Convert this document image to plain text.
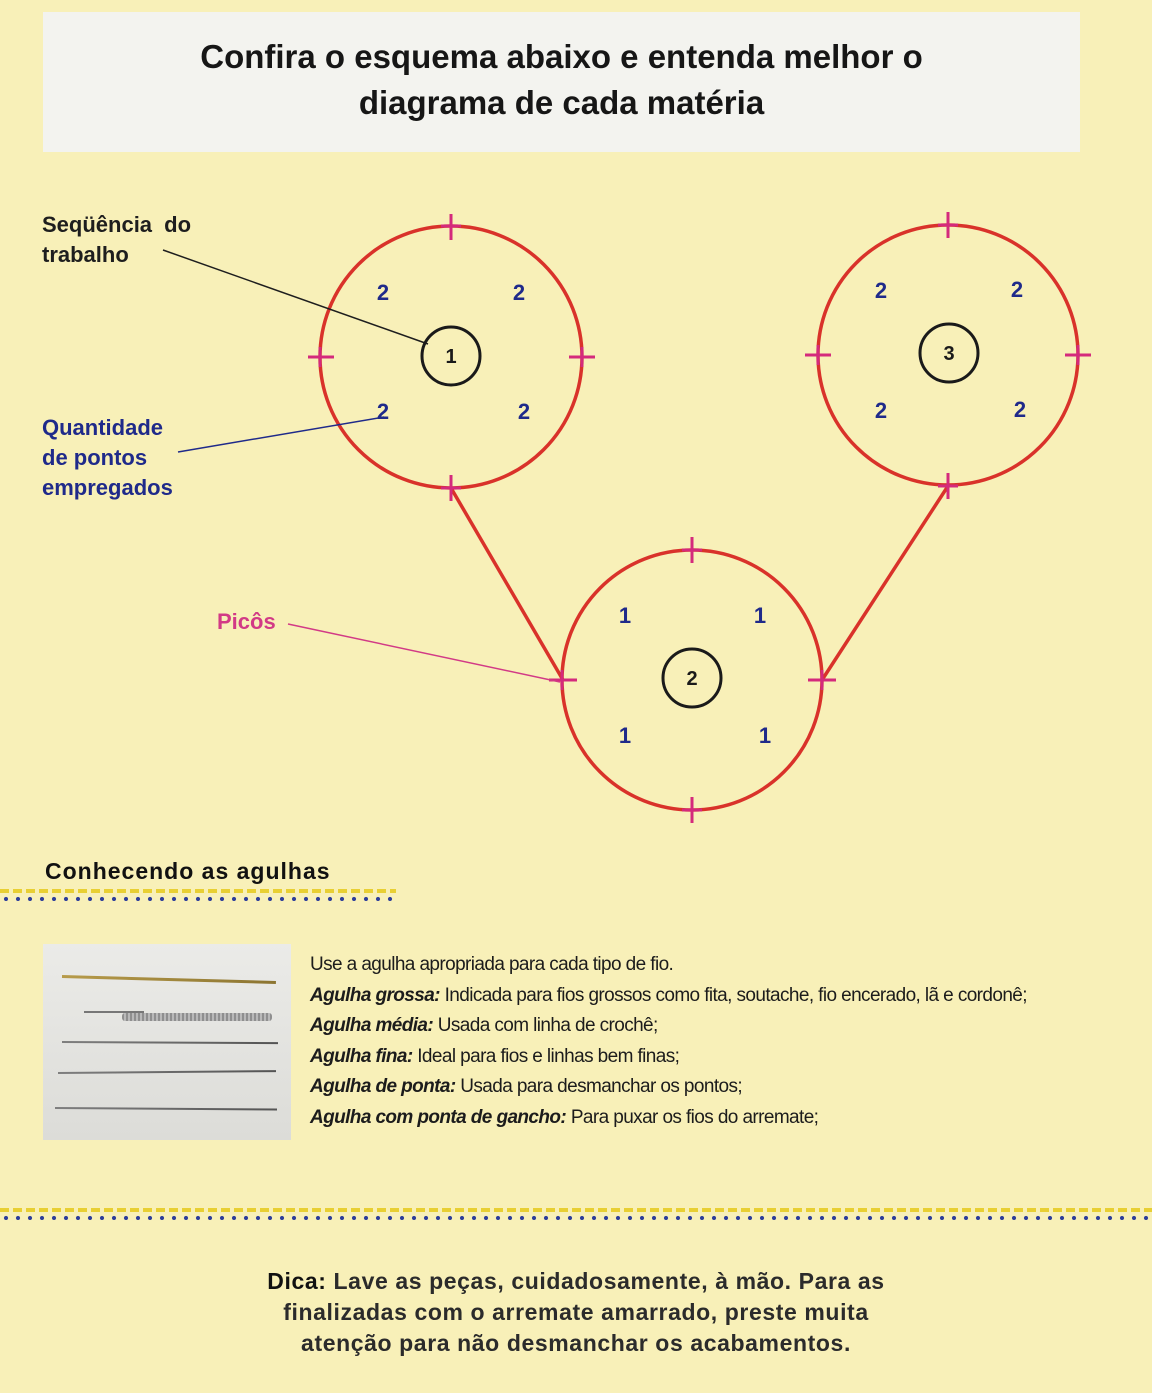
Confira o esquema abaixo e entenda melhor o
diagrama de cada matéria
1	3
2
2	2
2	2
2	2
2	2
1	1
1	1
Seqüência do
trabalho
Quantidade
de pontos
empregados
Picôs
Conhecendo as agulhas
Use a agulha apropriada para cada tipo de fio.
Agulha grossa: Indicada para fios grossos como fita, soutache, fio encerado, lã e cordonê;
Agulha média: Usada com linha de crochê;
Agulha fina: Ideal para fios e linhas bem finas;
Agulha de ponta: Usada para desmanchar os pontos;
Agulha com ponta de gancho: Para puxar os fios do arremate;
Dica: Lave as peças, cuidadosamente, à mão. Para as
finalizadas com o arremate amarrado, preste muita
atenção para não desmanchar os acabamentos.
